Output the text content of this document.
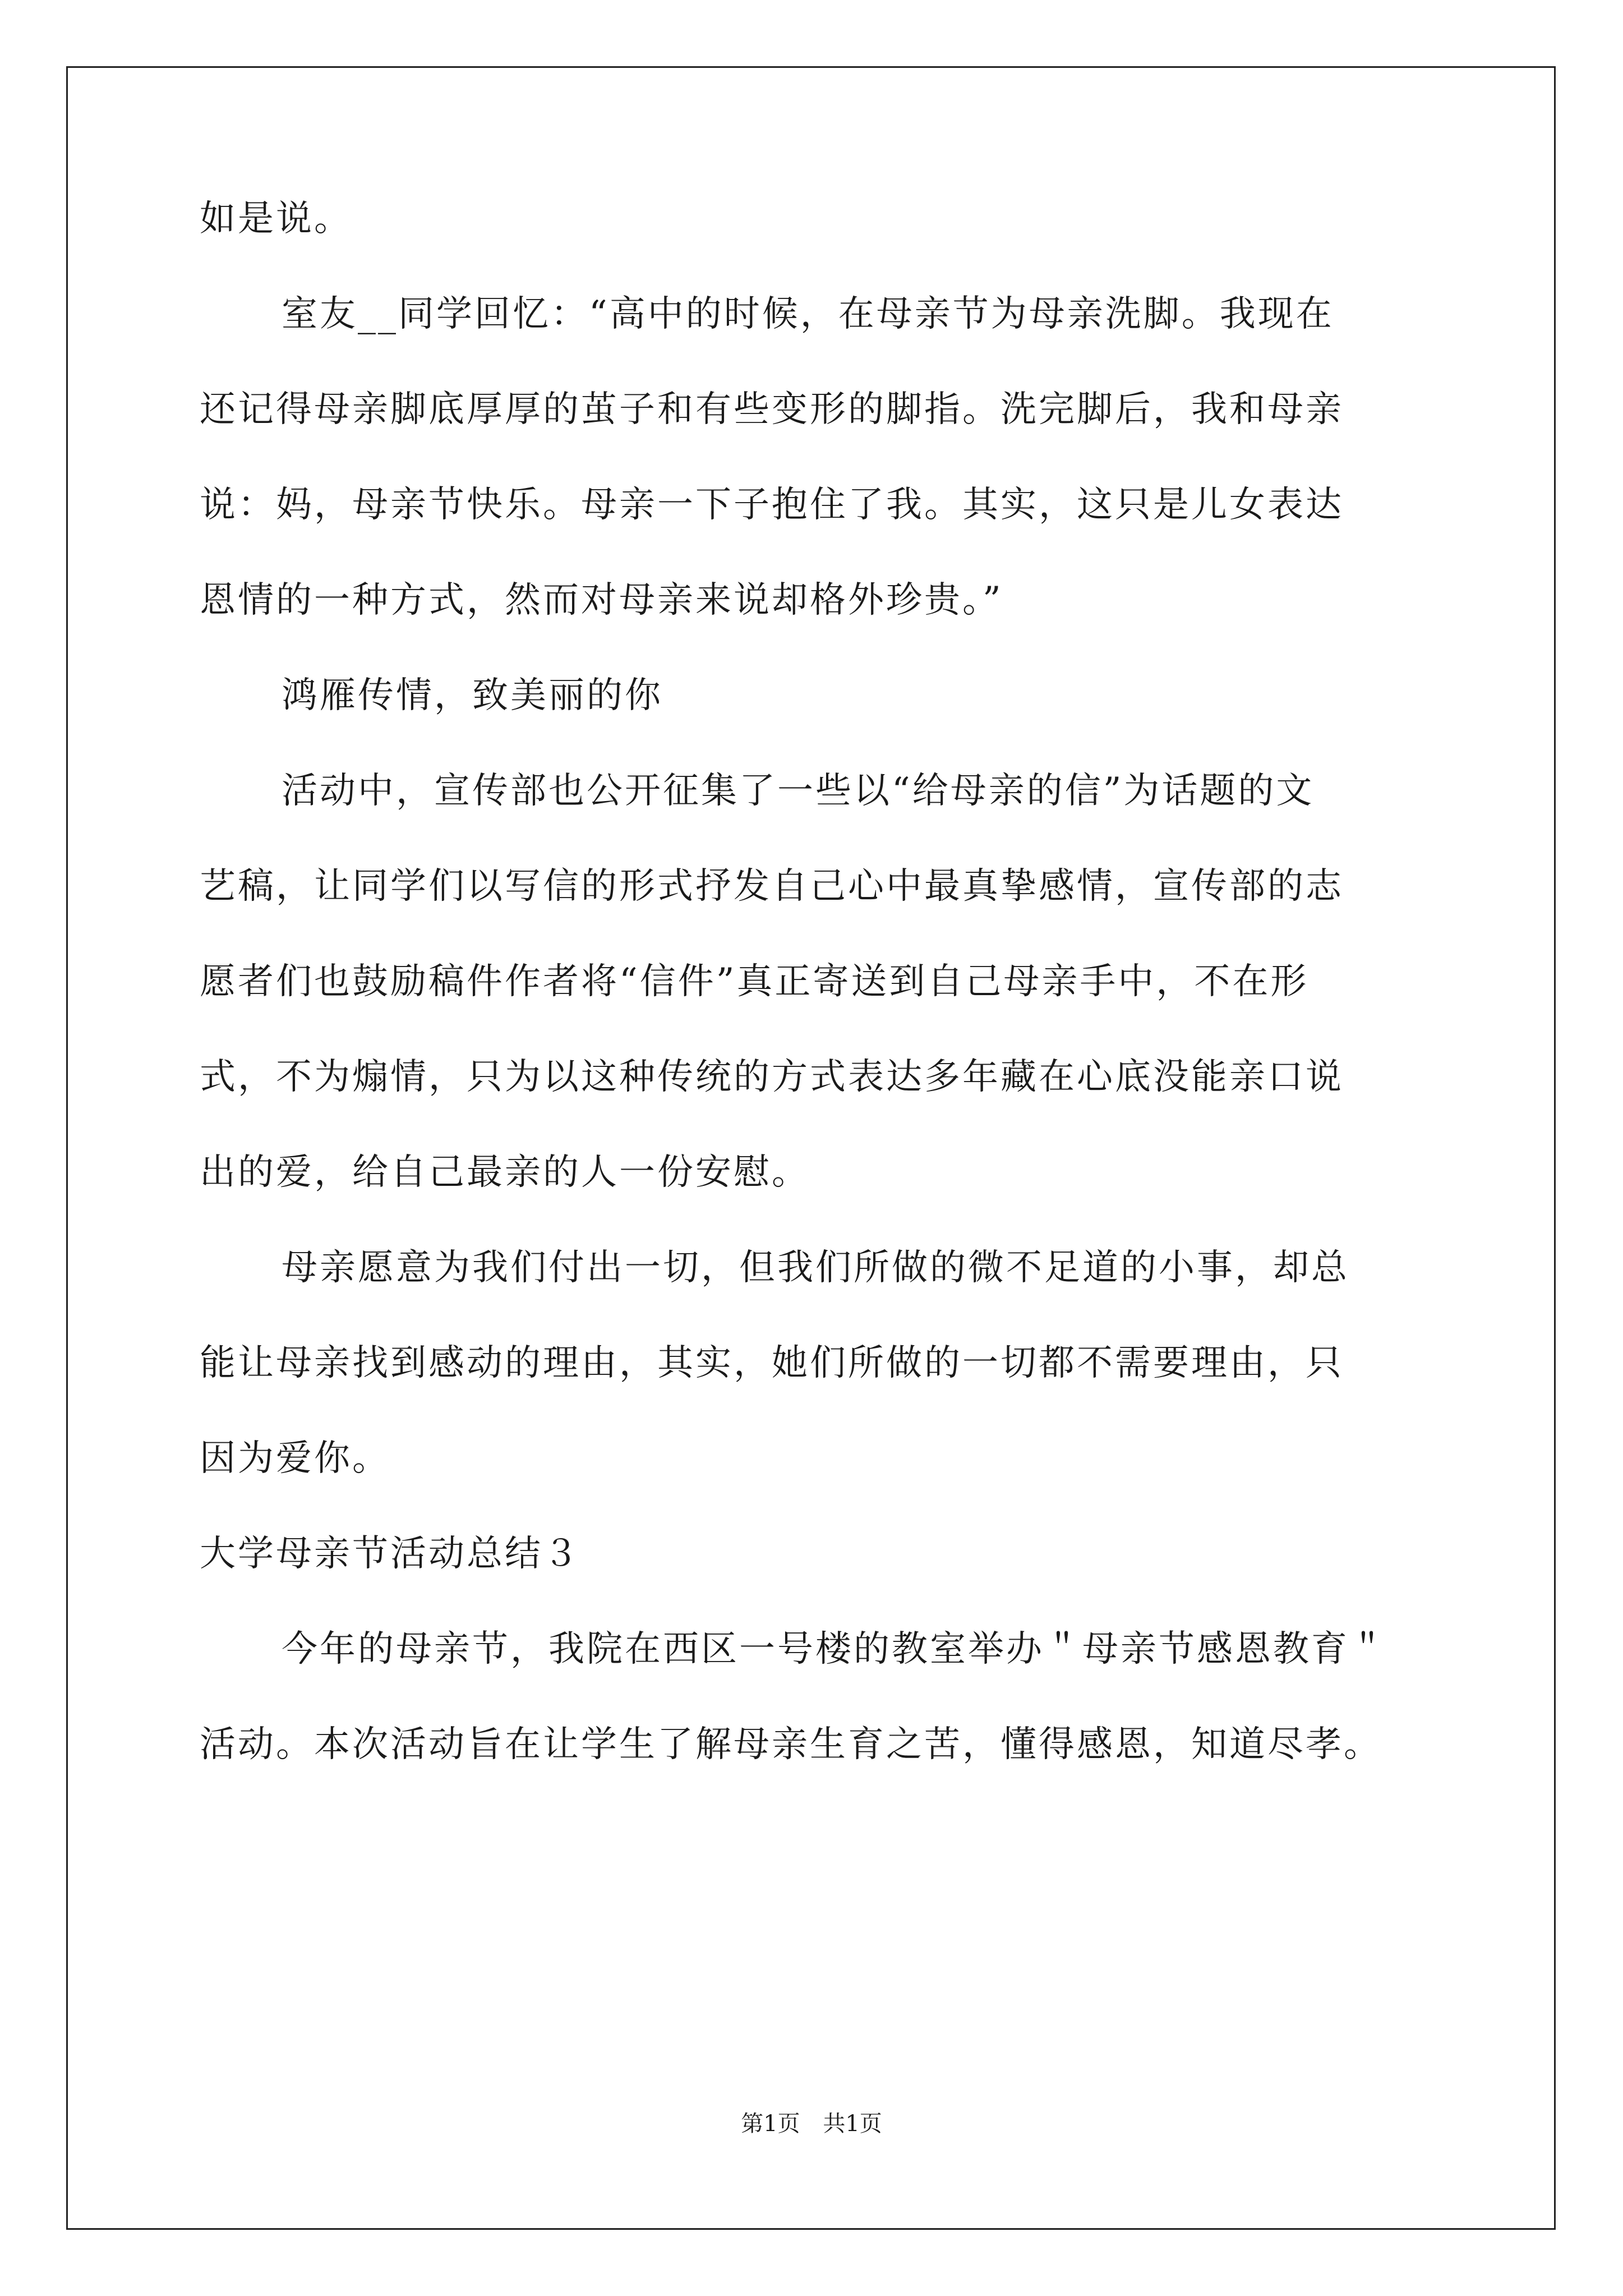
如是说。
室友__同学回忆：“高中的时候，在母亲节为母亲洗脚。我现在
还记得母亲脚底厚厚的茧子和有些变形的脚指。洗完脚后，我和母亲
说：妈，母亲节快乐。母亲一下子抱住了我。其实，这只是儿女表达
恩情的一种方式，然而对母亲来说却格外珍贵。”
鸿雁传情，致美丽的你
活动中，宣传部也公开征集了一些以“给母亲的信”为话题的文
艺稿，让同学们以写信的形式抒发自己心中最真挚感情，宣传部的志
愿者们也鼓励稿件作者将“信件”真正寄送到自己母亲手中，不在形
式，不为煽情，只为以这种传统的方式表达多年藏在心底没能亲口说
出的爱，给自己最亲的人一份安慰。
母亲愿意为我们付出一切，但我们所做的微不足道的小事，却总
能让母亲找到感动的理由，其实，她们所做的一切都不需要理由，只
因为爱你。
大学母亲节活动总结３
今年的母亲节，我院在西区一号楼的教室举办＂母亲节感恩教育＂
活动。本次活动旨在让学生了解母亲生育之苦，懂得感恩，知道尽孝。
第1页 共1页
